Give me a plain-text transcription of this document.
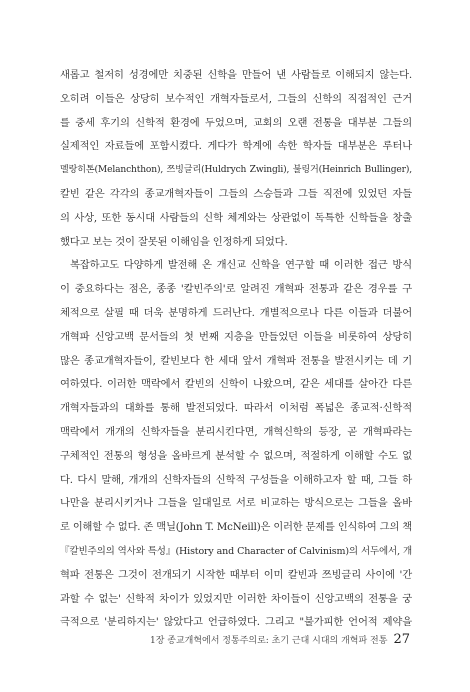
새롭고 철저히 성경에만 치중된 신학을 만들어 낸 사람들로 이해되지 않는다.
오히려 이들은 상당히 보수적인 개혁자들로서, 그들의 신학의 직접적인 근거
를 중세 후기의 신학적 환경에 두었으며, 교회의 오랜 전통을 대부분 그들의
실제적인 자료들에 포함시켰다. 게다가 학계에 속한 학자들 대부분은 루터나
멜랑히톤(Melanchthon), 쯔빙글리(Huldrych Zwingli), 불링거(Heinrich Bullinger),
칼빈 같은 각각의 종교개혁자들이 그들의 스승들과 그들 직전에 있었던 자들
의 사상, 또한 동시대 사람들의 신학 체계와는 상관없이 독특한 신학들을 창출
했다고 보는 것이 잘못된 이해임을 인정하게 되었다.
복잡하고도 다양하게 발전해 온 개신교 신학을 연구할 때 이러한 접근 방식
이 중요하다는 점은, 종종 '칼빈주의'로 알려진 개혁파 전통과 같은 경우를 구
체적으로 살필 때 더욱 분명하게 드러난다. 개별적으로나 다른 이들과 더불어
개혁파 신앙고백 문서들의 첫 번째 지층을 만들었던 이들을 비롯하여 상당히
많은 종교개혁자들이, 칼빈보다 한 세대 앞서 개혁파 전통을 발전시키는 데 기
여하였다. 이러한 맥락에서 칼빈의 신학이 나왔으며, 같은 세대를 살아간 다른
개혁자들과의 대화를 통해 발전되었다. 따라서 이처럼 폭넓은 종교적·신학적
맥락에서 개개의 신학자들을 분리시킨다면, 개혁신학의 등장, 곧 개혁파라는
구체적인 전통의 형성을 올바르게 분석할 수 없으며, 적절하게 이해할 수도 없
다. 다시 말해, 개개의 신학자들의 신학적 구성들을 이해하고자 할 때, 그들 하
나만을 분리시키거나 그들을 일대일로 서로 비교하는 방식으로는 그들을 올바
로 이해할 수 없다. 존 맥닐(John T. McNeill)은 이러한 문제를 인식하여 그의 책
『칼빈주의의 역사와 특성』(History and Character of Calvinism)의 서두에서, 개
혁파 전통은 그것이 전개되기 시작한 때부터 이미 칼빈과 쯔빙글리 사이에 '간
과할 수 없는' 신학적 차이가 있었지만 이러한 차이들이 신앙고백의 전통을 궁
극적으로 '분리하지는' 않았다고 언급하였다. 그리고 "불가피한 언어적 제약을
1장 종교개혁에서 정통주의로: 초기 근대 시대의 개혁파 전통 27
